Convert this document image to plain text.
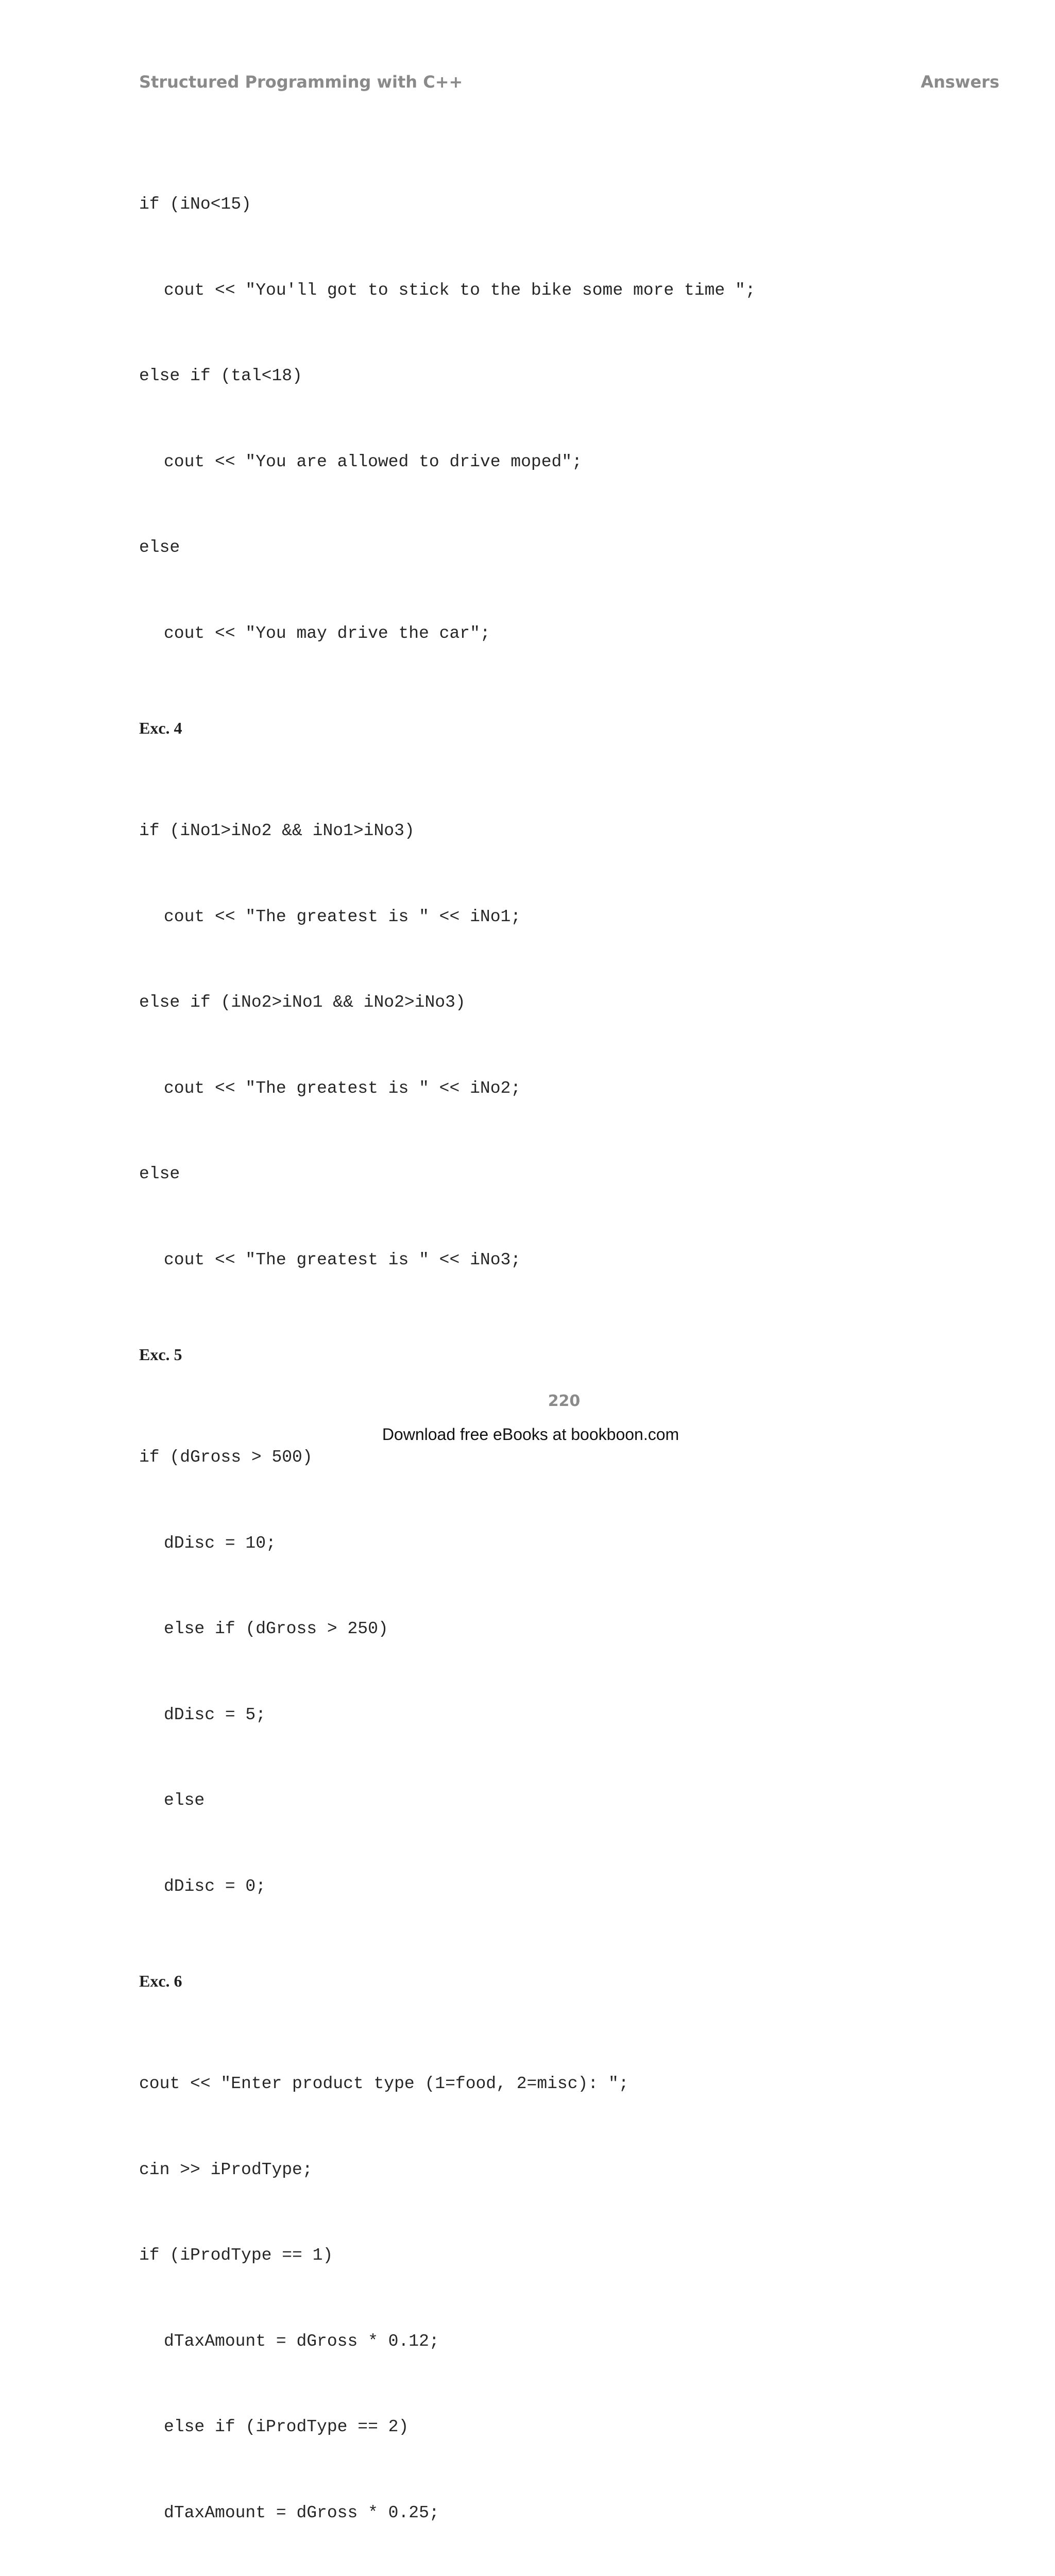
Structured Programming with C++	Answers

if (iNo<15)

cout << "You'll got to stick to the bike some more time ";

else if (tal<18)

cout << "You are allowed to drive moped";

else

cout << "You may drive the car";

Exc. 4

if (iNo1>iNo2 && iNo1>iNo3)

cout << "The greatest is " << iNo1;

else if (iNo2>iNo1 && iNo2>iNo3)

cout << "The greatest is " << iNo2;

else

cout << "The greatest is " << iNo3;

Exc. 5

if (dGross > 500)

dDisc = 10;

else if (dGross > 250)

dDisc = 5;

else

dDisc = 0;

Exc. 6

cout << "Enter product type (1=food, 2=misc): ";

cin >> iProdType;

if (iProdType == 1)

dTaxAmount = dGross * 0.12;

else if (iProdType == 2)

dTaxAmount = dGross * 0.25;

220
Download free eBooks at bookboon.com
